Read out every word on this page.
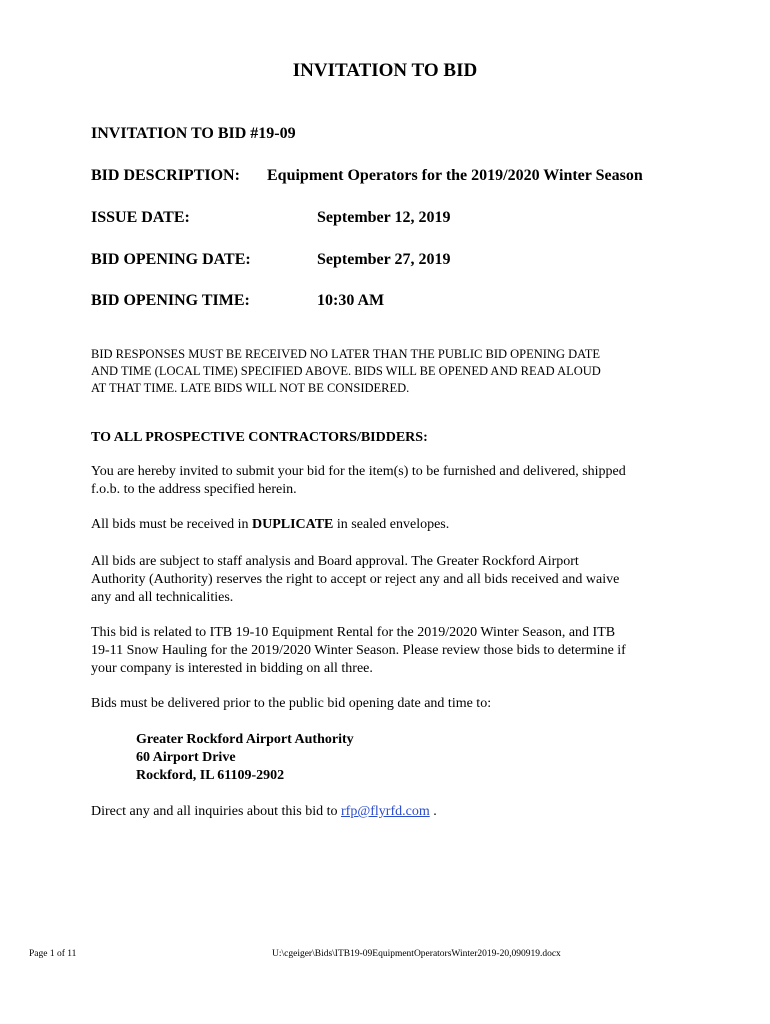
INVITATION TO BID
INVITATION TO BID #19-09
BID DESCRIPTION: Equipment Operators for the 2019/2020 Winter Season
ISSUE DATE:	September 12, 2019
BID OPENING DATE:	September 27, 2019
BID OPENING TIME:	10:30 AM
BID RESPONSES MUST BE RECEIVED NO LATER THAN THE PUBLIC BID OPENING DATE
AND TIME (LOCAL TIME) SPECIFIED ABOVE. BIDS WILL BE OPENED AND READ ALOUD
AT THAT TIME. LATE BIDS WILL NOT BE CONSIDERED.
TO ALL PROSPECTIVE CONTRACTORS/BIDDERS:
You are hereby invited to submit your bid for the item(s) to be furnished and delivered, shipped
f.o.b. to the address specified herein.
All bids must be received in DUPLICATE in sealed envelopes.
All bids are subject to staff analysis and Board approval. The Greater Rockford Airport
Authority (Authority) reserves the right to accept or reject any and all bids received and waive
any and all technicalities.
This bid is related to ITB 19-10 Equipment Rental for the 2019/2020 Winter Season, and ITB
19-11 Snow Hauling for the 2019/2020 Winter Season. Please review those bids to determine if
your company is interested in bidding on all three.
Bids must be delivered prior to the public bid opening date and time to:
Greater Rockford Airport Authority
60 Airport Drive
Rockford, IL 61109-2902
Direct any and all inquiries about this bid to rfp@flyrfd.com .
Page 1 of 11	U:\cgeiger\Bids\ITB19-09EquipmentOperatorsWinter2019-20,090919.docx
